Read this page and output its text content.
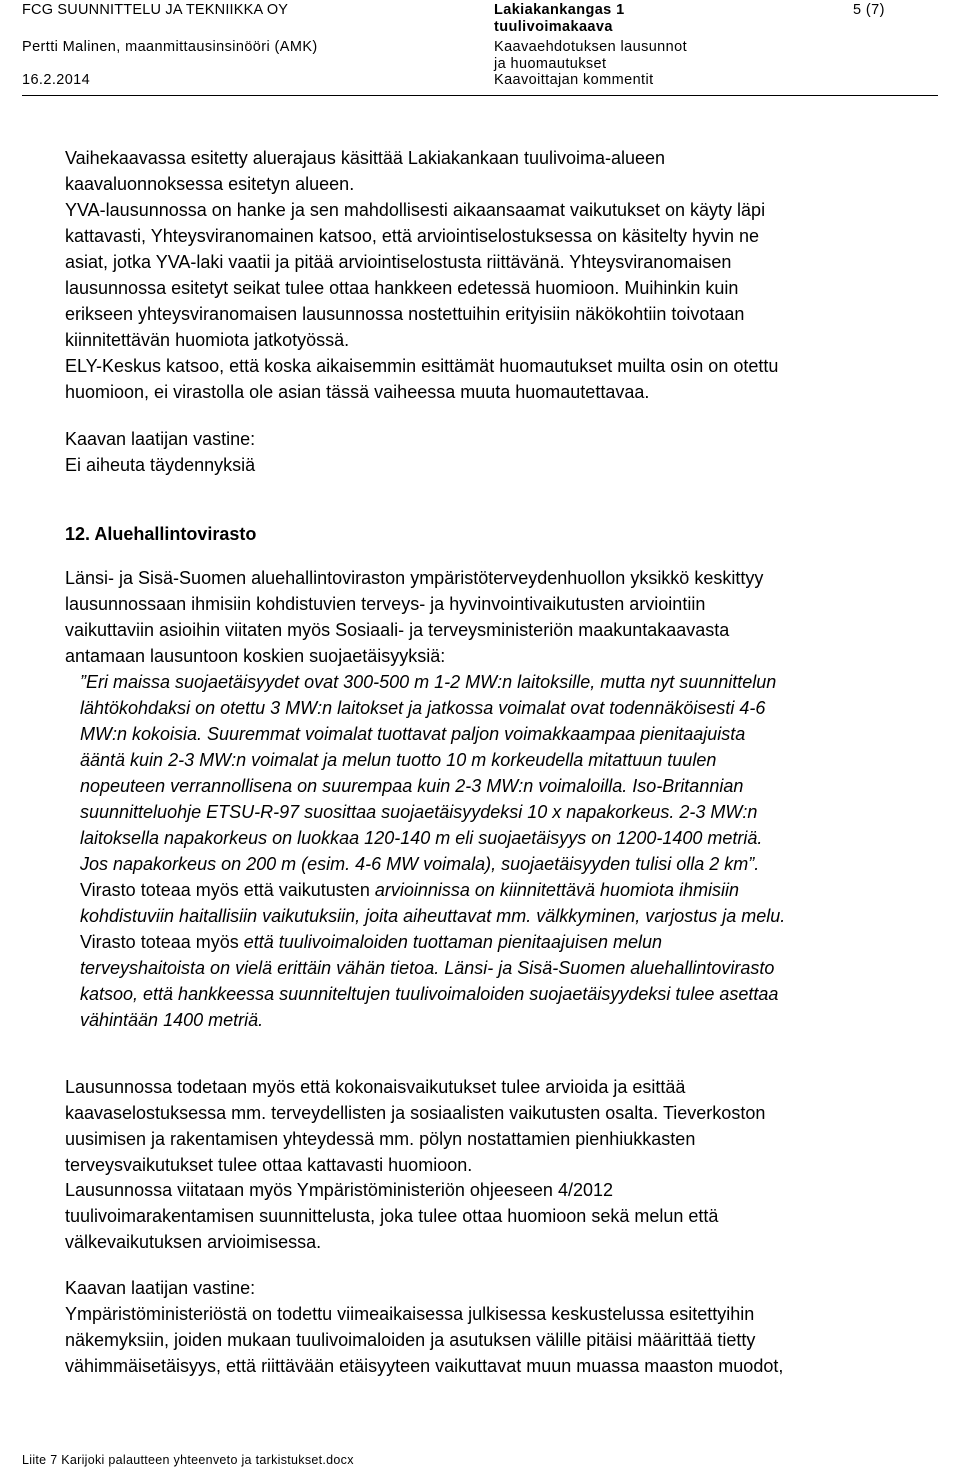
FCG SUUNNITTELU JA TEKNIIKKA OY
Pertti Malinen, maanmittausinsinööri (AMK)
16.2.2014
Lakiakankangas 1
tuulivoimakaava
Kaavaehdotuksen lausunnot
ja huomautukset
Kaavoittajan kommentit
5 (7)

Vaihekaavassa esitetty aluerajaus käsittää Lakiakankaan tuulivoima-alueen

kaavaluonnoksessa esitetyn alueen.

YVA-lausunnossa on hanke ja sen mahdollisesti aikaansaamat vaikutukset on käyty läpi

kattavasti, Yhteysviranomainen katsoo, että arviointiselostuksessa on käsitelty hyvin ne

asiat, jotka YVA-laki vaatii ja pitää arviointiselostusta riittävänä. Yhteysviranomaisen

lausunnossa esitetyt seikat tulee ottaa hankkeen edetessä huomioon. Muihinkin kuin

erikseen yhteysviranomaisen lausunnossa nostettuihin erityisiin näkökohtiin toivotaan

kiinnitettävän huomiota jatkotyössä.

ELY-Keskus katsoo, että koska aikaisemmin esittämät huomautukset muilta osin on otettu

huomioon, ei virastolla ole asian tässä vaiheessa muuta huomautettavaa.

Kaavan laatijan vastine:

Ei aiheuta täydennyksiä

12. Aluehallintovirasto

Länsi- ja Sisä-Suomen aluehallintoviraston ympäristöterveydenhuollon yksikkö keskittyy

lausunnossaan ihmisiin kohdistuvien terveys- ja hyvinvointivaikutusten arviointiin

vaikuttaviin asioihin viitaten myös Sosiaali- ja terveysministeriön maakuntakaavasta

antamaan lausuntoon koskien suojaetäisyyksiä:

”Eri maissa suojaetäisyydet ovat 300-500 m 1-2 MW:n laitoksille, mutta nyt suunnittelun

lähtökohdaksi on otettu 3 MW:n laitokset ja jatkossa voimalat ovat todennäköisesti 4-6

MW:n kokoisia. Suuremmat voimalat tuottavat paljon voimakkaampaa pienitaajuista

ääntä kuin 2-3 MW:n voimalat ja melun tuotto 10 m korkeudella mitattuun tuulen

nopeuteen verrannollisena on suurempaa kuin 2-3 MW:n voimaloilla. Iso-Britannian

suunnitteluohje ETSU-R-97 suosittaa suojaetäisyydeksi 10 x napakorkeus. 2-3 MW:n

laitoksella napakorkeus on luokkaa 120-140 m eli suojaetäisyys on 1200-1400 metriä.

Jos napakorkeus on 200 m (esim. 4-6 MW voimala), suojaetäisyyden tulisi olla 2 km”.

Virasto toteaa myös että vaikutusten arvioinnissa on kiinnitettävä huomiota ihmisiin

kohdistuviin haitallisiin vaikutuksiin, joita aiheuttavat mm. välkkyminen, varjostus ja melu.

Virasto toteaa myös että tuulivoimaloiden tuottaman pienitaajuisen melun

terveyshaitoista on vielä erittäin vähän tietoa. Länsi- ja Sisä-Suomen aluehallintovirasto

katsoo, että hankkeessa suunniteltujen tuulivoimaloiden suojaetäisyydeksi tulee asettaa

vähintään 1400 metriä.

Lausunnossa todetaan myös että kokonaisvaikutukset tulee arvioida ja esittää

kaavaselostuksessa mm. terveydellisten ja sosiaalisten vaikutusten osalta. Tieverkoston

uusimisen ja rakentamisen yhteydessä mm. pölyn nostattamien pienhiukkasten

terveysvaikutukset tulee ottaa kattavasti huomioon.

Liite 7 Karijoki palautteen yhteenveto ja tarkistukset.docx

Lausunnossa viitataan myös Ympäristöministeriön ohjeeseen 4/2012

tuulivoimarakentamisen suunnittelusta, joka tulee ottaa huomioon sekä melun että

välkevaikutuksen arvioimisessa.

Kaavan laatijan vastine:

Ympäristöministeriöstä on todettu viimeaikaisessa julkisessa keskustelussa esitettyihin

näkemyksiin, joiden mukaan tuulivoimaloiden ja asutuksen välille pitäisi määrittää tietty

vähimmäisetäisyys, että riittävään etäisyyteen vaikuttavat muun muassa maaston muodot,
